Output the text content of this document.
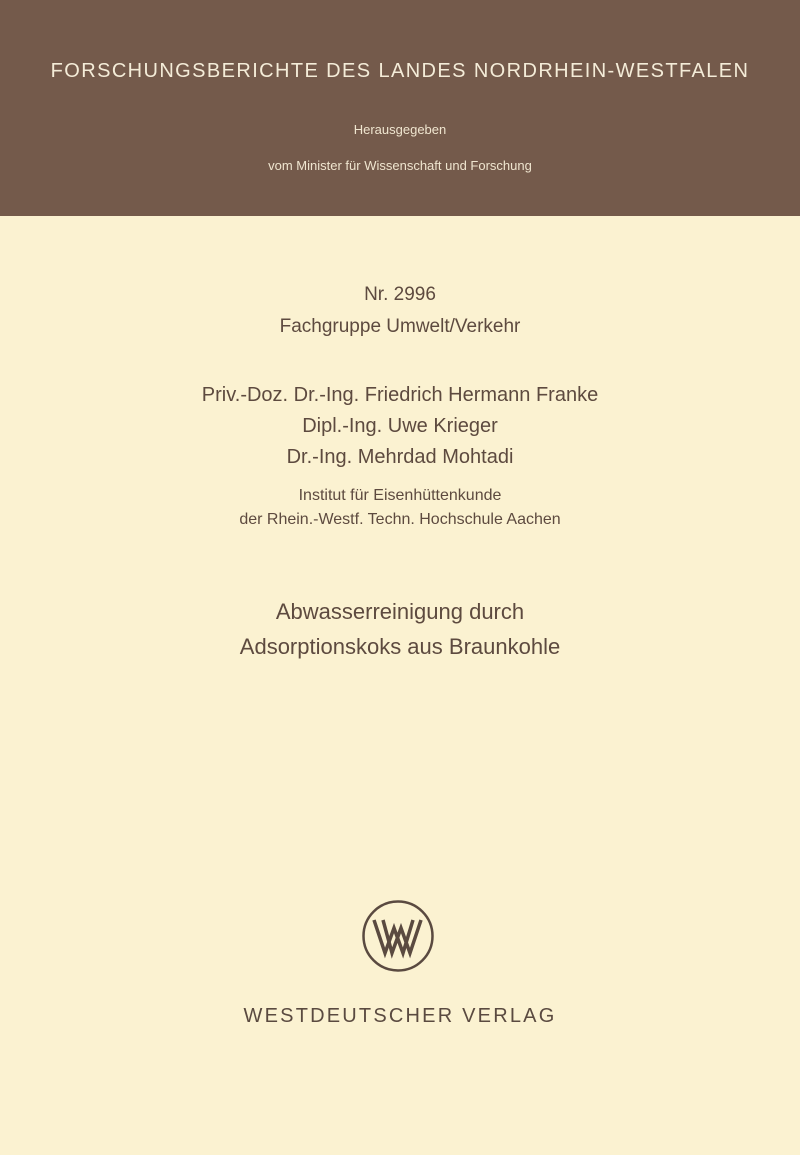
FORSCHUNGSBERICHTE DES LANDES NORDRHEIN-WESTFALEN
Herausgegeben
vom Minister für Wissenschaft und Forschung
Nr. 2996
Fachgruppe Umwelt/Verkehr
Priv.-Doz. Dr.-Ing. Friedrich Hermann Franke
Dipl.-Ing. Uwe Krieger
Dr.-Ing. Mehrdad Mohtadi
Institut für Eisenhüttenkunde
der Rhein.-Westf. Techn. Hochschule Aachen
Abwasserreinigung durch
Adsorptionskoks aus Braunkohle
WESTDEUTSCHER VERLAG
